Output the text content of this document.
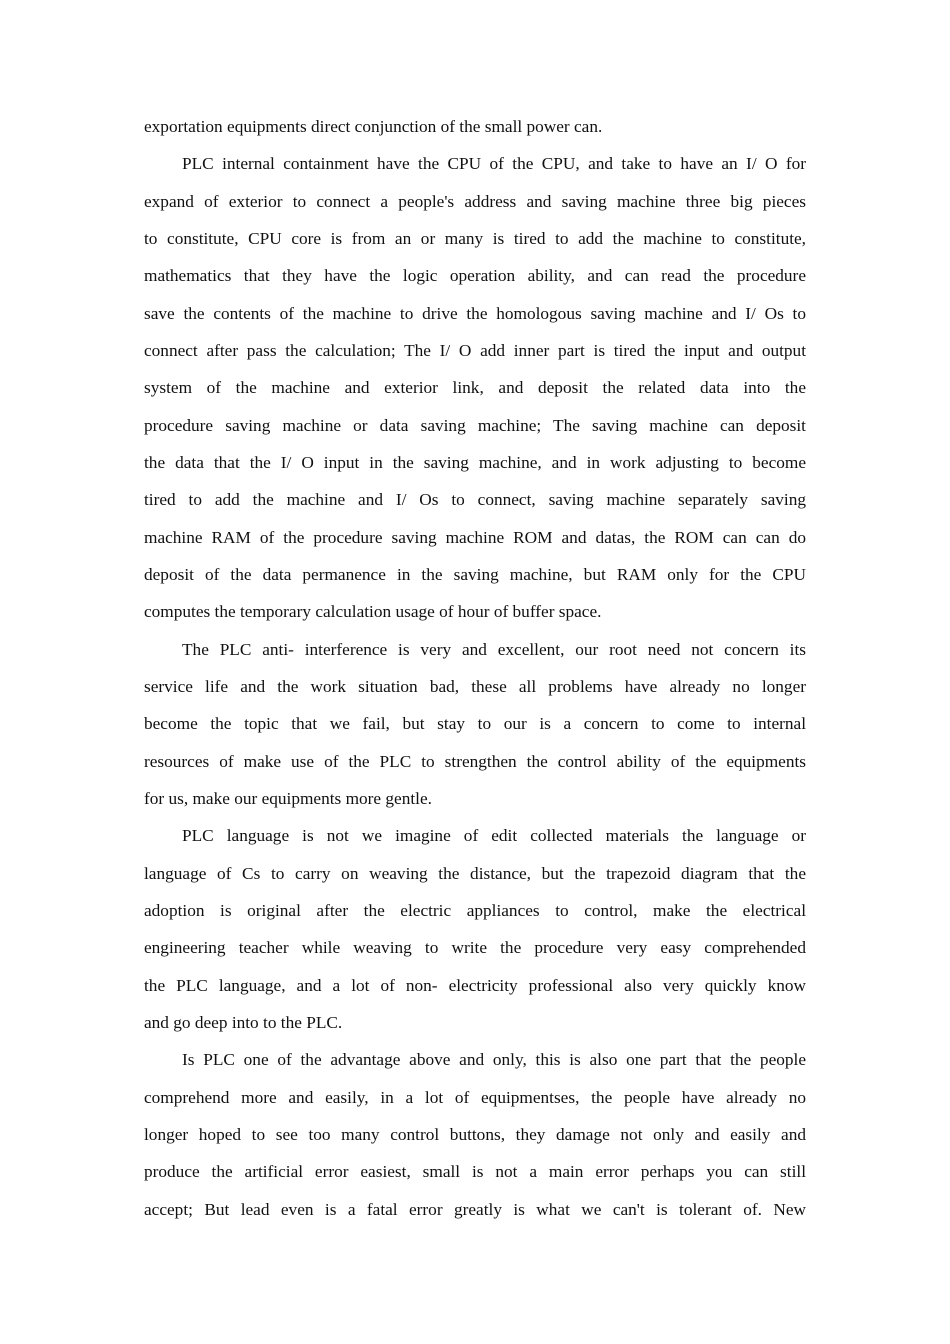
exportation equipments direct conjunction of the small power can.
PLC internal containment have the CPU of the CPU, and take to have an I/ O for
expand of exterior to connect a people's address and saving machine three big pieces
to constitute, CPU core is from an or many is tired to add the machine to constitute,
mathematics that they have the logic operation ability, and can read the procedure
save the contents of the machine to drive the homologous saving machine and I/ Os to
connect after pass the calculation; The I/ O add inner part is tired the input and output
system of the machine and exterior link, and deposit the related data into the
procedure saving machine or data saving machine; The saving machine can deposit
the data that the I/ O input in the saving machine, and in work adjusting to become
tired to add the machine and I/ Os to connect, saving machine separately saving
machine RAM of the procedure saving machine ROM and datas, the ROM can can do
deposit of the data permanence in the saving machine, but RAM only for the CPU
computes the temporary calculation usage of hour of buffer space.
The PLC anti- interference is very and excellent, our root need not concern its
service life and the work situation bad, these all problems have already no longer
become the topic that we fail, but stay to our is a concern to come to internal
resources of make use of the PLC to strengthen the control ability of the equipments
for us, make our equipments more gentle.
PLC language is not we imagine of edit collected materials the language or
language of Cs to carry on weaving the distance, but the trapezoid diagram that the
adoption is original after the electric appliances to control, make the electrical
engineering teacher while weaving to write the procedure very easy comprehended
the PLC language, and a lot of non- electricity professional also very quickly know
and go deep into to the PLC.
Is PLC one of the advantage above and only, this is also one part that the people
comprehend more and easily, in a lot of equipmentses, the people have already no
longer hoped to see too many control buttons, they damage not only and easily and
produce the artificial error easiest, small is not a main error perhaps you can still
accept; But lead even is a fatal error greatly is what we can't is tolerant of. New
